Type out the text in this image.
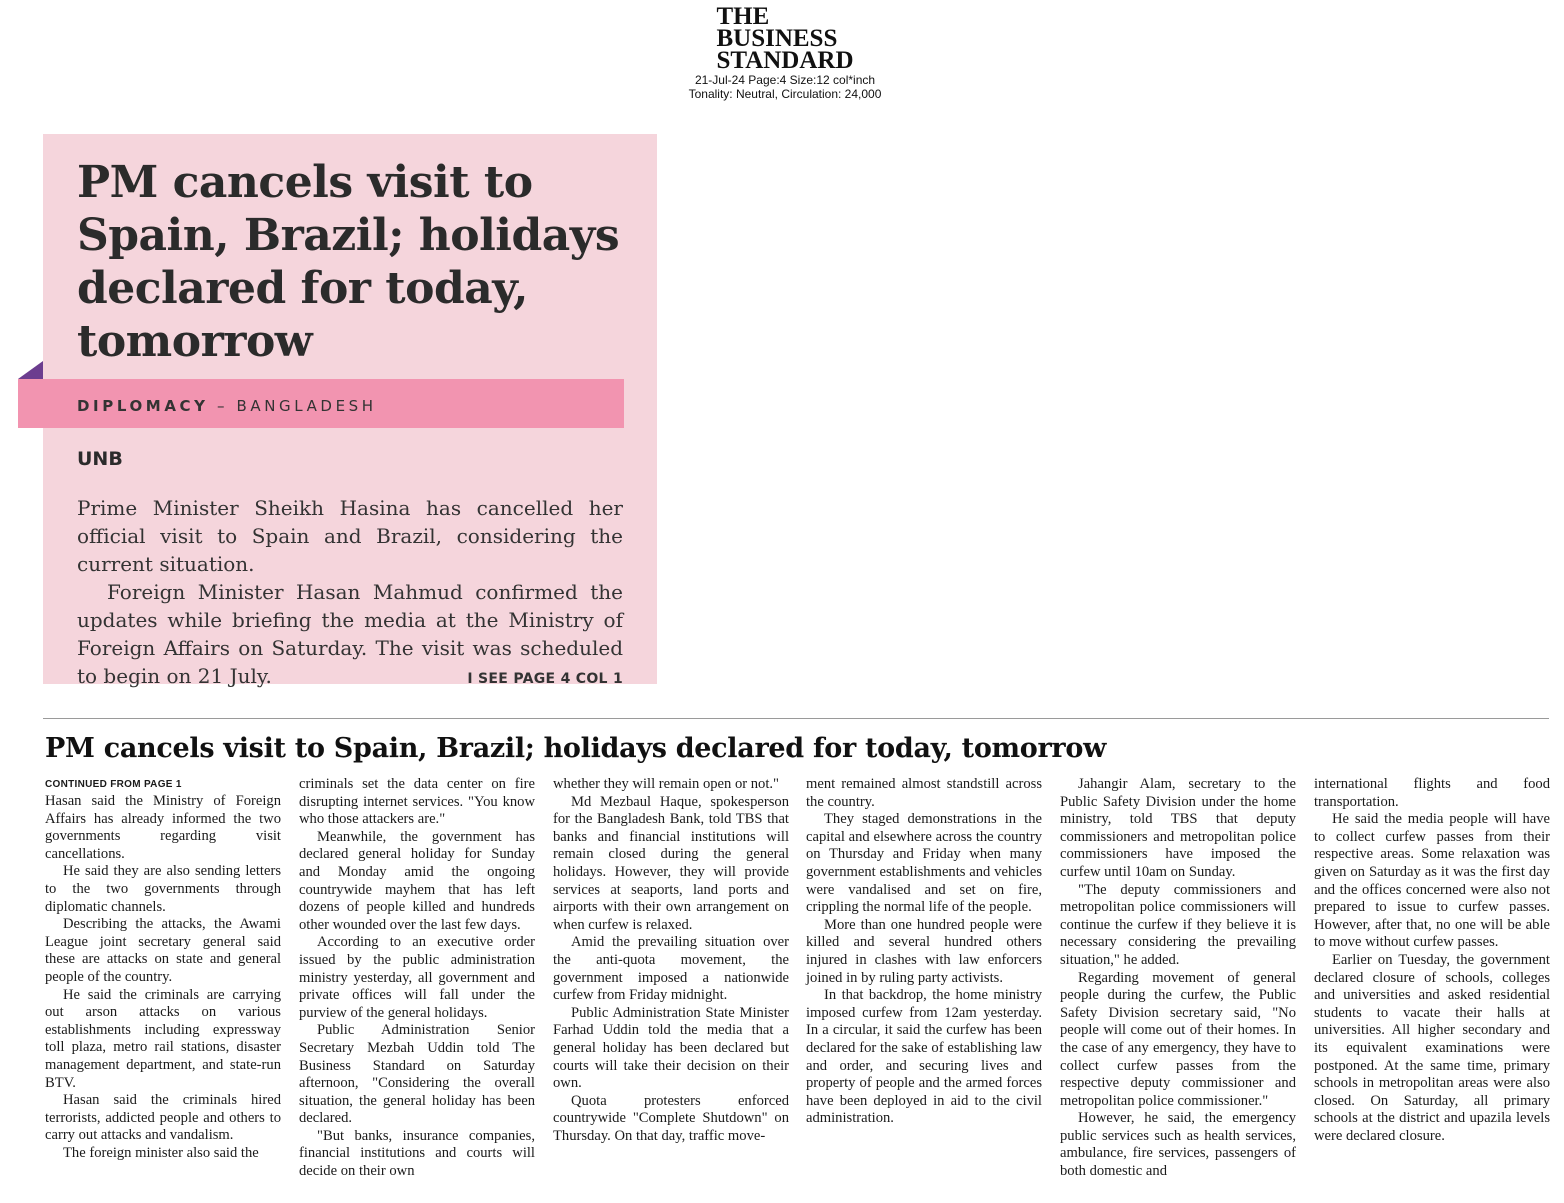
THE
BUSINESS
STANDARD
21-Jul-24 Page:4 Size:12 col*inch
Tonality: Neutral, Circulation: 24,000
PM cancels visit to Spain, Brazil; holidays declared for today, tomorrow
UNB

Prime Minister Sheikh Hasina has cancelled her official visit to Spain and Brazil, considering the current situation.

Foreign Minister Hasan Mahmud confirmed the updates while briefing the media at the Ministry of Foreign Affairs on Saturday. The visit was scheduled to begin on 21 July.	I SEE PAGE 4 COL 1

DIPLOMACY – BANGLADESH
PM cancels visit to Spain, Brazil; holidays declared for today, tomorrow
CONTINUED FROM PAGE 1

Hasan said the Ministry of Foreign Affairs has already informed the two governments regarding visit cancellations.

He said they are also sending letters to the two governments through diplomatic channels.

Describing the attacks, the Awami League joint secretary general said these are attacks on state and general people of the country.

He said the criminals are carrying out arson attacks on various establishments including expressway toll plaza, metro rail stations, disaster management department, and state-run BTV.

Hasan said the criminals hired terrorists, addicted people and others to carry out attacks and vandalism.

The foreign minister also said the

criminals set the data center on fire disrupting internet services. "You know who those attackers are."

Meanwhile, the government has declared general holiday for Sunday and Monday amid the ongoing countrywide mayhem that has left dozens of people killed and hundreds other wounded over the last few days.

According to an executive order issued by the public administration ministry yesterday, all government and private offices will fall under the purview of the general holidays.

Public Administration Senior Secretary Mezbah Uddin told The Business Standard on Saturday afternoon, "Considering the overall situation, the general holiday has been declared.

"But banks, insurance companies, financial institutions and courts will decide on their own

whether they will remain open or not."

Md Mezbaul Haque, spokesperson for the Bangladesh Bank, told TBS that banks and financial institutions will remain closed during the general holidays. However, they will provide services at seaports, land ports and airports with their own arrangement on when curfew is relaxed.

Amid the prevailing situation over the anti-quota movement, the government imposed a nationwide curfew from Friday midnight.

Public Administration State Minister Farhad Uddin told the media that a general holiday has been declared but courts will take their decision on their own.

Quota protesters enforced countrywide "Complete Shutdown" on Thursday. On that day, traffic move-

ment remained almost standstill across the country.

They staged demonstrations in the capital and elsewhere across the country on Thursday and Friday when many government establishments and vehicles were vandalised and set on fire, crippling the normal life of the people.

More than one hundred people were killed and several hundred others injured in clashes with law enforcers joined in by ruling party activists.

In that backdrop, the home ministry imposed curfew from 12am yesterday. In a circular, it said the curfew has been declared for the sake of establishing law and order, and securing lives and property of people and the armed forces have been deployed in aid to the civil administration.

Jahangir Alam, secretary to the Public Safety Division under the home ministry, told TBS that deputy commissioners and metropolitan police commissioners have imposed the curfew until 10am on Sunday.

"The deputy commissioners and metropolitan police commissioners will continue the curfew if they believe it is necessary considering the prevailing situation," he added.

Regarding movement of general people during the curfew, the Public Safety Division secretary said, "No people will come out of their homes. In the case of any emergency, they have to collect curfew passes from the respective deputy commissioner and metropolitan police commissioner."

However, he said, the emergency public services such as health services, ambulance, fire services, passengers of both domestic and

international flights and food transportation.

He said the media people will have to collect curfew passes from their respective areas. Some relaxation was given on Saturday as it was the first day and the offices concerned were also not prepared to issue to curfew passes. However, after that, no one will be able to move without curfew passes.

Earlier on Tuesday, the government declared closure of schools, colleges and universities and asked residential students to vacate their halls at universities. All higher secondary and its equivalent examinations were postponed. At the same time, primary schools in metropolitan areas were also closed. On Saturday, all primary schools at the district and upazila levels were declared closure.
